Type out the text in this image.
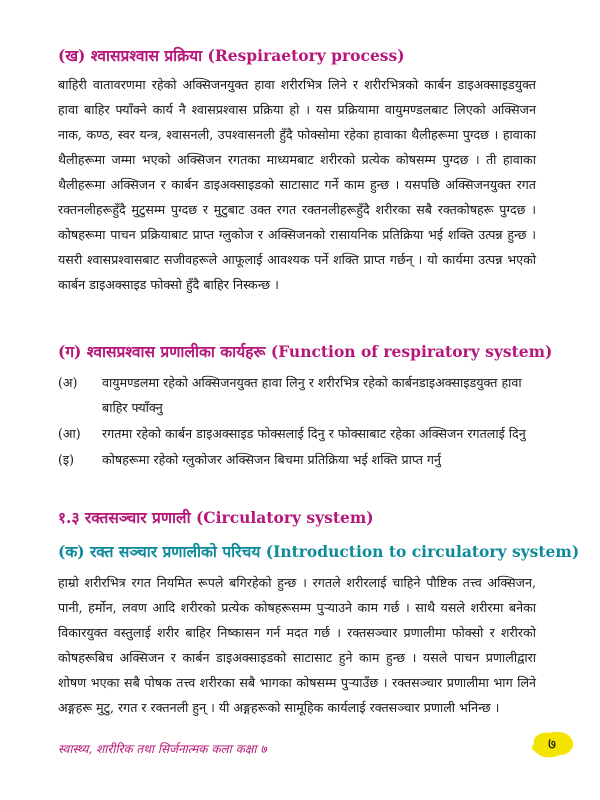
(ख) श्वासप्रश्वास प्रक्रिया (Respiraetory process)

बाहिरी वातावरणमा रहेको अक्सिजनयुक्त हावा शरीरभित्र लिने र शरीरभित्रको कार्बन डाइअक्साइडयुक्त हावा बाहिर फ्याँक्ने कार्य नै श्वासप्रश्वास प्रक्रिया हो । यस प्रक्रियामा वायुमण्डलबाट लिएको अक्सिजन नाक, कण्ठ, स्वर यन्त्र, श्वासनली, उपश्वासनली हुँदै फोक्सोमा रहेका हावाका थैलीहरूमा पुग्दछ । हावाका थैलीहरूमा जम्मा भएको अक्सिजन रगतका माध्यमबाट शरीरको प्रत्येक कोषसम्म पुग्दछ । ती हावाका थैलीहरूमा अक्सिजन र कार्बन डाइअक्साइडको साटासाट गर्ने काम हुन्छ । यसपछि अक्सिजनयुक्त रगत रक्तनलीहरूहुँदै मुटुसम्म पुग्दछ र मुटुबाट उक्त रगत रक्तनलीहरूहुँदै शरीरका सबै रक्तकोषहरू पुग्दछ । कोषहरूमा पाचन प्रक्रियाबाट प्राप्त ग्लुकोज र अक्सिजनको रासायनिक प्रतिक्रिया भई शक्ति उत्पन्न हुन्छ । यसरी श्वासप्रश्वासबाट सजीवहरूले आफूलाई आवश्यक पर्ने शक्ति प्राप्त गर्छन् । यो कार्यमा उत्पन्न भएको कार्बन डाइअक्साइड फोक्सो हुँदै बाहिर निस्कन्छ ।

(ग) श्वासप्रश्वास प्रणालीका कार्यहरू (Function of respiratory system)
(अ)	वायुमण्डलमा रहेको अक्सिजनयुक्त हावा लिनु र शरीरभित्र रहेको कार्बनडाइअक्साइडयुक्त हावा बाहिर फ्याँक्नु
(आ)	रगतमा रहेको कार्बन डाइअक्साइड फोक्सलाई दिनु र फोक्साबाट रहेका अक्सिजन रगतलाई दिनु
(इ)	कोषहरूमा रहेको ग्लुकोजर अक्सिजन बिचमा प्रतिक्रिया भई शक्ति प्राप्त गर्नु
१.३ रक्तसञ्चार प्रणाली (Circulatory system)
(क) रक्त सञ्चार प्रणालीको परिचय (Introduction to circulatory system)

हाम्रो शरीरभित्र रगत नियमित रूपले बगिरहेको हुन्छ । रगतले शरीरलाई चाहिने पौष्टिक तत्त्व अक्सिजन, पानी, हर्मोन, लवण आदि शरीरको प्रत्येक कोषहरूसम्म पुऱ्याउने काम गर्छ । साथै यसले शरीरमा बनेका विकारयुक्त वस्तुलाई शरीर बाहिर निष्कासन गर्न मदत गर्छ । रक्तसञ्चार प्रणालीमा फोक्सो र शरीरको कोषहरूबिच अक्सिजन र कार्बन डाइअक्साइडको साटासाट हुने काम हुन्छ । यसले पाचन प्रणालीद्वारा शोषण भएका सबै पोषक तत्त्व शरीरका सबै भागका कोषसम्म पुऱ्याउँछ । रक्तसञ्चार प्रणालीमा भाग लिने अङ्गहरू मुटु, रगत र रक्तनली हुन् । यी अङ्गहरूको सामूहिक कार्यलाई रक्तसञ्चार प्रणाली भनिन्छ ।

स्वास्थ्य, शारीरिक तथा सिर्जनात्मक कला कक्षा ७	७
